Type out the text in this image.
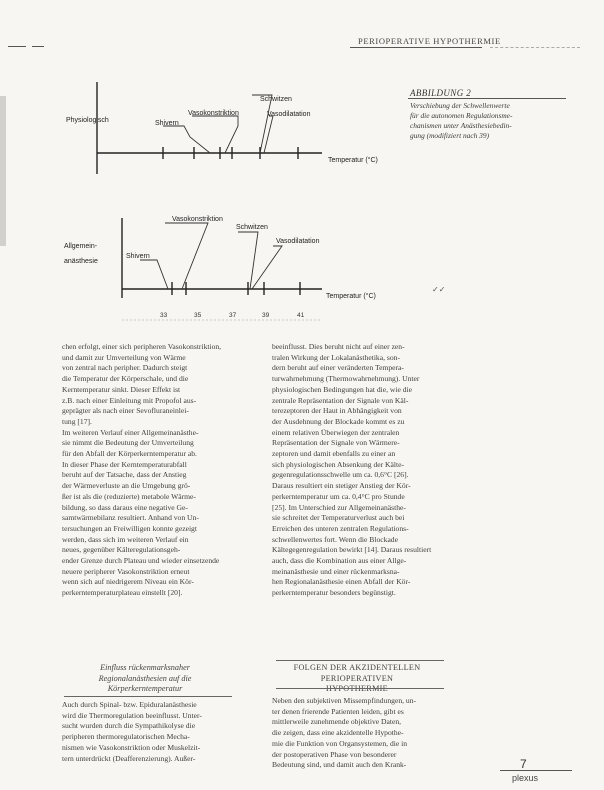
PERIOPERATIVE HYPOTHERMIE
Physiologisch	Shivern
Vasokonstriktion
Schwitzen
Vasodilatation
Temperatur (°C)
Allgemein-
anästhesie
Shivern
Vasokonstriktion
Schwitzen
Vasodilatation
Temperatur (°C)
33	35	37	39	41
ABBILDUNG 2
Verschiebung der Schwellenwerte
für die autonomen Regulationsme-
chanismen unter Anästhesiebedin-
gung (modifiziert nach 39)
✓✓
chen erfolgt, einer sich peripheren Vasokonstriktion,
und damit zur Umverteilung von Wärme
von zentral nach peripher. Dadurch steigt
die Temperatur der Körperschale, und die
Kerntemperatur sinkt. Dieser Effekt ist
z.B. nach einer Einleitung mit Propofol aus-
geprägter als nach einer Sevofluraneinlei-
tung [17].
Im weiteren Verlauf einer Allgemeinanästhe-
sie nimmt die Bedeutung der Umverteilung
für den Abfall der Körperkerntemperatur ab.
In dieser Phase der Kerntemperaturabfall
beruht auf der Tatsache, dass der Anstieg
der Wärmeverluste an die Umgebung grö-
ßer ist als die (reduzierte) metabole Wärme-
bildung, so dass daraus eine negative Ge-
samtwärmebilanz resultiert. Anhand von Un-
tersuchungen an Freiwilligen konnte gezeigt
werden, dass sich im weiteren Verlauf ein
neues, gegenüber Kälteregulationsgeh-
ender Grenze durch Plateau und wieder einsetzende
neuere peripherer Vasokonstriktion erneut
wenn sich auf niedrigerem Niveau ein Kör-
perkerntemperaturplateau einstellt [20].
beeinflusst. Dies beruht nicht auf einer zen-
tralen Wirkung der Lokalanästhetika, son-
dern beruht auf einer veränderten Tempera-
turwahrnehmung (Thermowahrnehmung). Unter
physiologischen Bedingungen hat die, wie die
zentrale Repräsentation der Signale von Käl-
terezeptoren der Haut in Abhängigkeit von
der Ausdehnung der Blockade kommt es zu
einem relativen Überwiegen der zentralen
Repräsentation der Signale von Wärmere-
zeptoren und damit ebenfalls zu einer an
sich physiologischen Absenkung der Kälte-
gegenregulationsschwelle um ca. 0,6°C [26].
Daraus resultiert ein stetiger Anstieg der Kör-
perkerntemperatur um ca. 0,4°C pro Stunde
[25]. Im Unterschied zur Allgemeinanästhe-
sie schreitet der Temperaturverlust auch bei
Erreichen des unteren zentralen Regulations-
schwellenwertes fort. Wenn die Blockade
Kältegegenregulation bewirkt [14]. Daraus resultiert
auch, dass die Kombination aus einer Allge-
meinanästhesie und einer rückenmarksna-
hen Regionalanästhesie einen Abfall der Kör-
perkerntemperatur besonders begünstigt.
Einfluss rückenmarksnaher
Regionalanästhesien auf die
Körperkerntemperatur
FOLGEN DER AKZIDENTELLEN PERIOPERATIVEN
HYPOTHERMIE
Auch durch Spinal- bzw. Epiduralanästhesie
wird die Thermoregulation beeinflusst. Unter-
sucht wurden durch die Sympathikolyse die
peripheren thermoregulatorischen Mecha-
nismen wie Vasokonstriktion oder Muskelzit-
tern unterdrückt (Deafferenzierung). Außer-
Neben den subjektiven Missempfindungen, un-
ter denen frierende Patienten leiden, gibt es
mittlerweile zunehmende objektive Daten,
die zeigen, dass eine akzidentelle Hypothe-
mie die Funktion von Organsystemen, die in
der postoperativen Phase von besonderer
Bedeutung sind, und damit auch den Krank-	7
plexus
